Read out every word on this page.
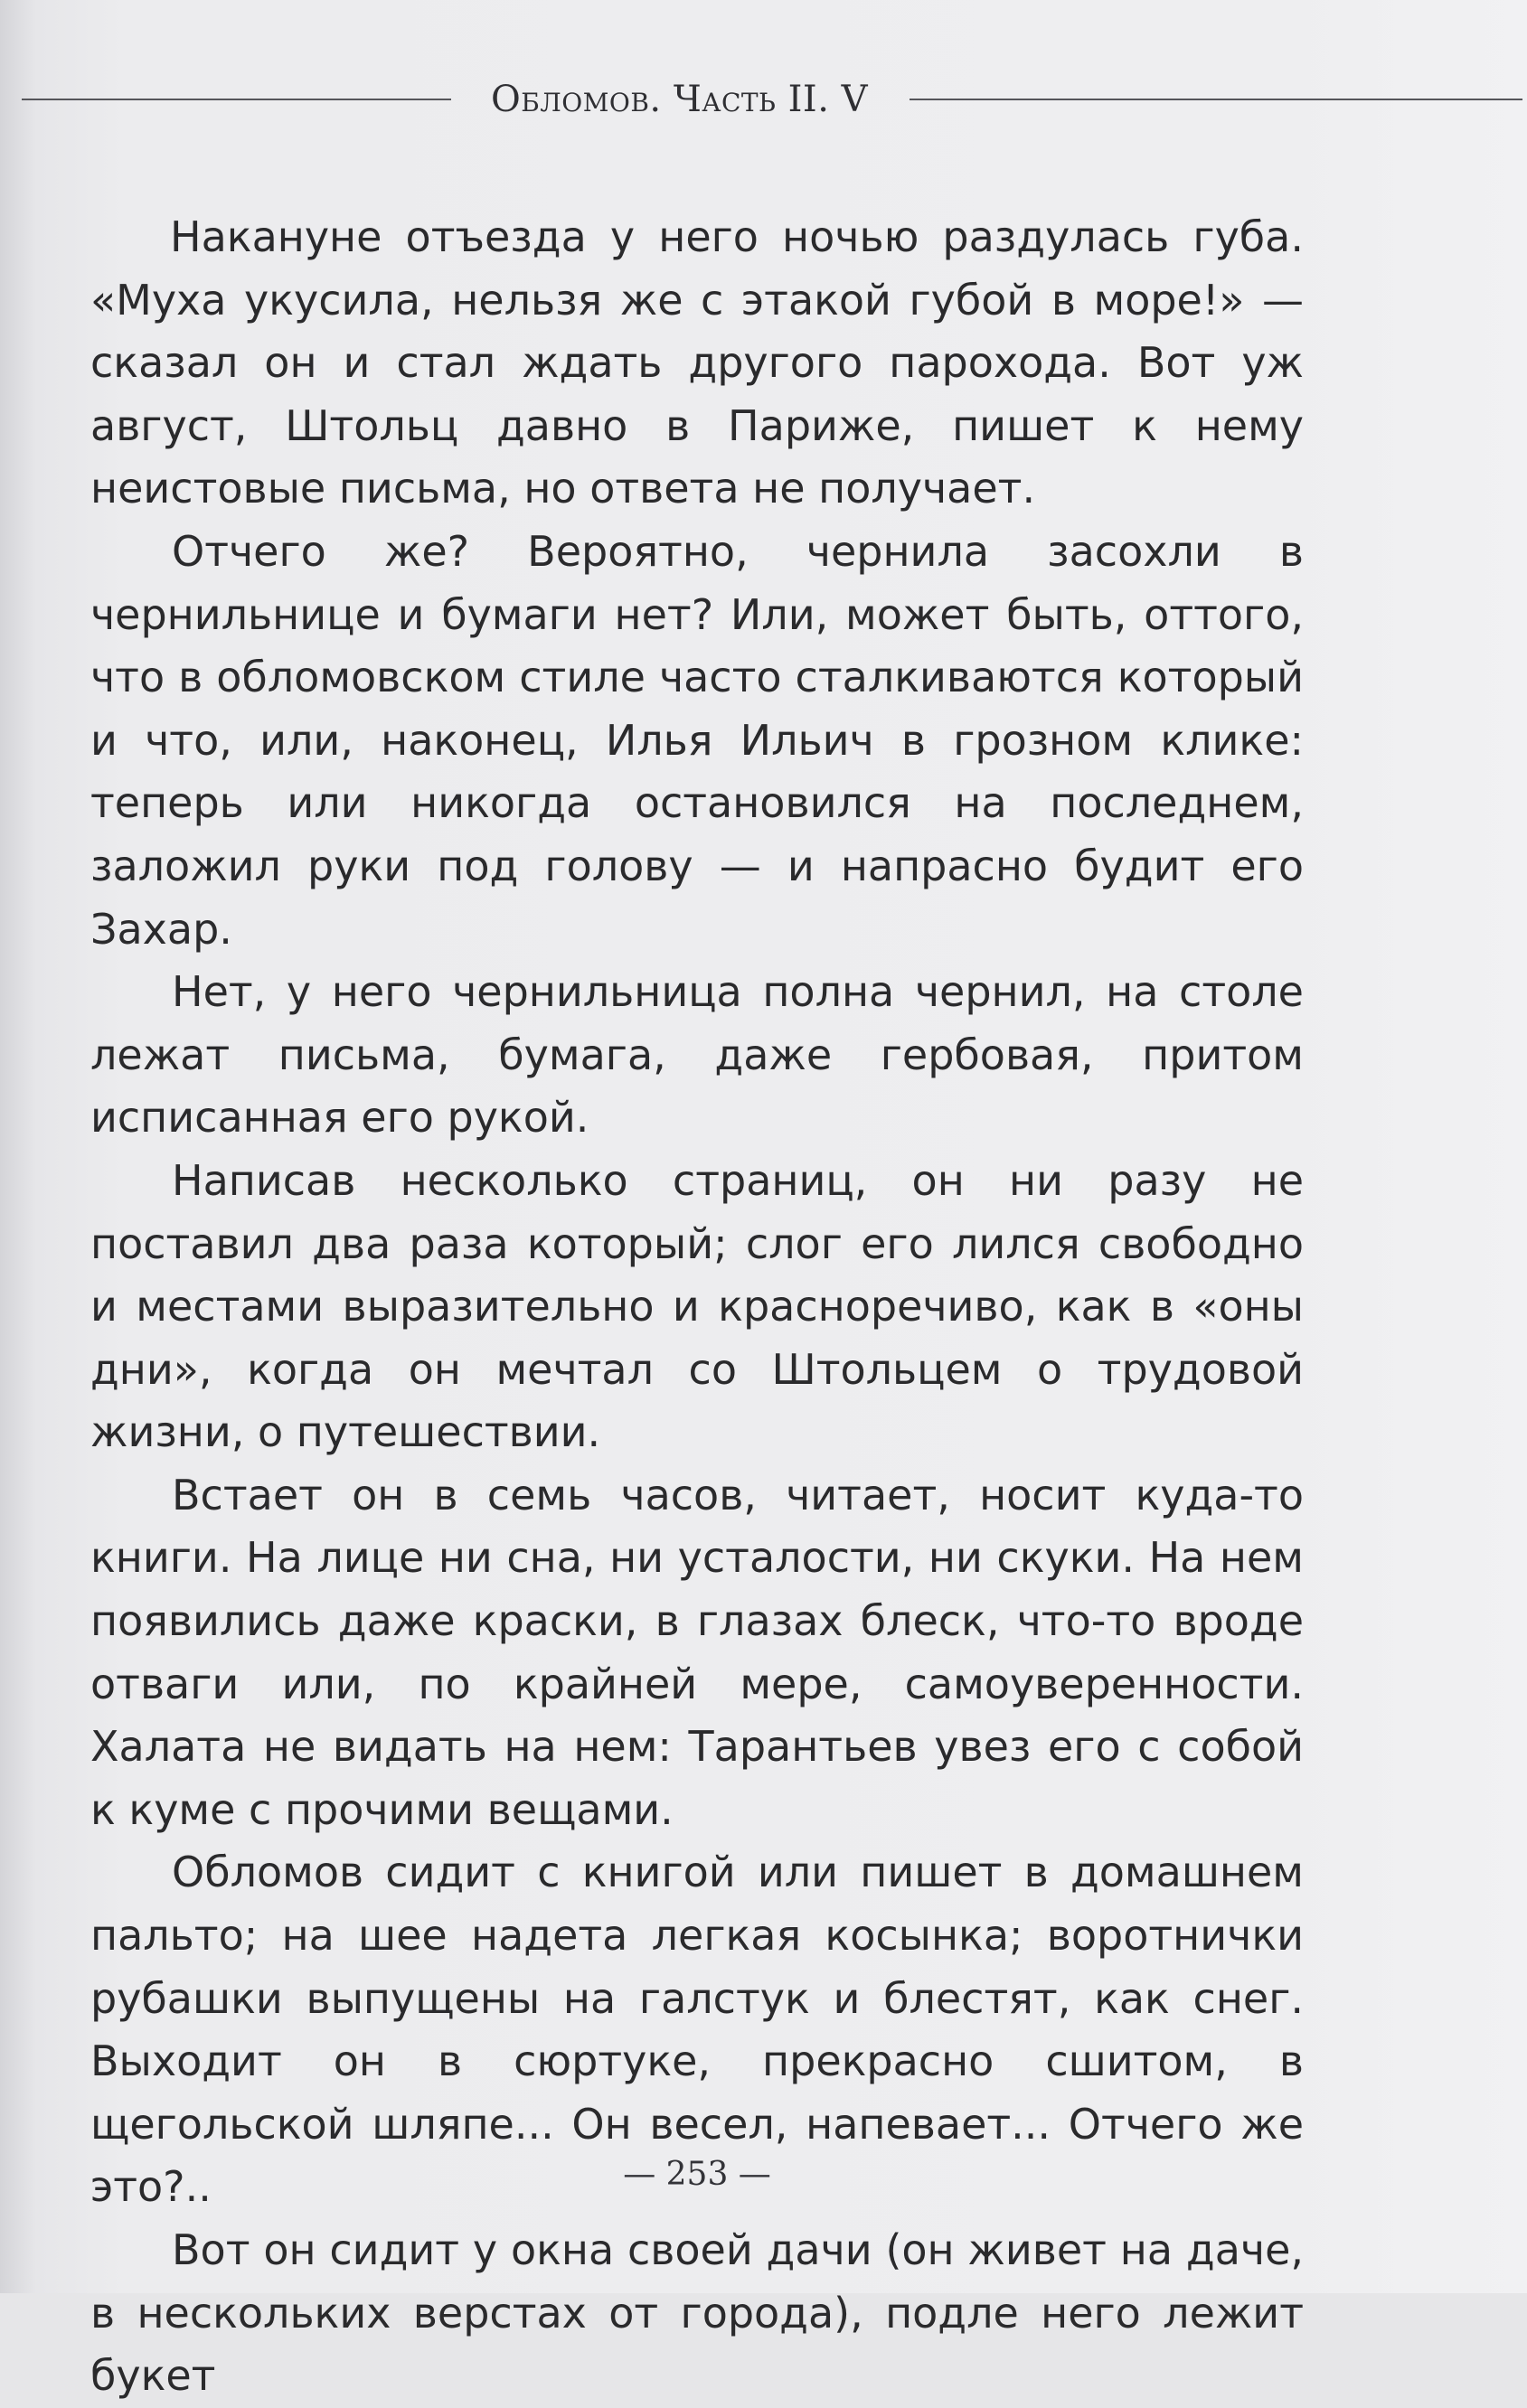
Обломов. Часть II. V

Накануне отъезда у него ночью раздулась губа. «Муха укусила, нельзя же с этакой губой в море!» — сказал он и стал ждать другого парохода. Вот уж август, Штольц давно в Париже, пишет к нему неистовые письма, но ответа не получает.

Отчего же? Вероятно, чернила засохли в чернильнице и бумаги нет? Или, может быть, оттого, что в обломовском стиле часто сталкиваются который и что, или, наконец, Илья Ильич в грозном клике: теперь или никогда остановился на последнем, заложил руки под голову — и напрасно будит его Захар.

Нет, у него чернильница полна чернил, на столе лежат письма, бумага, даже гербовая, притом исписанная его рукой.

Написав несколько страниц, он ни разу не поставил два раза который; слог его лился свободно и местами выразительно и красноречиво, как в «оны дни», когда он мечтал со Штольцем о трудовой жизни, о путешествии.

Встает он в семь часов, читает, носит куда-то книги. На лице ни сна, ни усталости, ни скуки. На нем появились даже краски, в глазах блеск, что-то вроде отваги или, по крайней мере, самоуверенности. Халата не видать на нем: Тарантьев увез его с собой к куме с прочими вещами.

Обломов сидит с книгой или пишет в домашнем пальто; на шее надета легкая косынка; воротнички рубашки выпущены на галстук и блестят, как снег. Выходит он в сюртуке, прекрасно сшитом, в щегольской шляпе... Он весел, напевает... Отчего же это?..

Вот он сидит у окна своей дачи (он живет на даче, в нескольких верстах от города), подле него лежит букет

— 253 —
